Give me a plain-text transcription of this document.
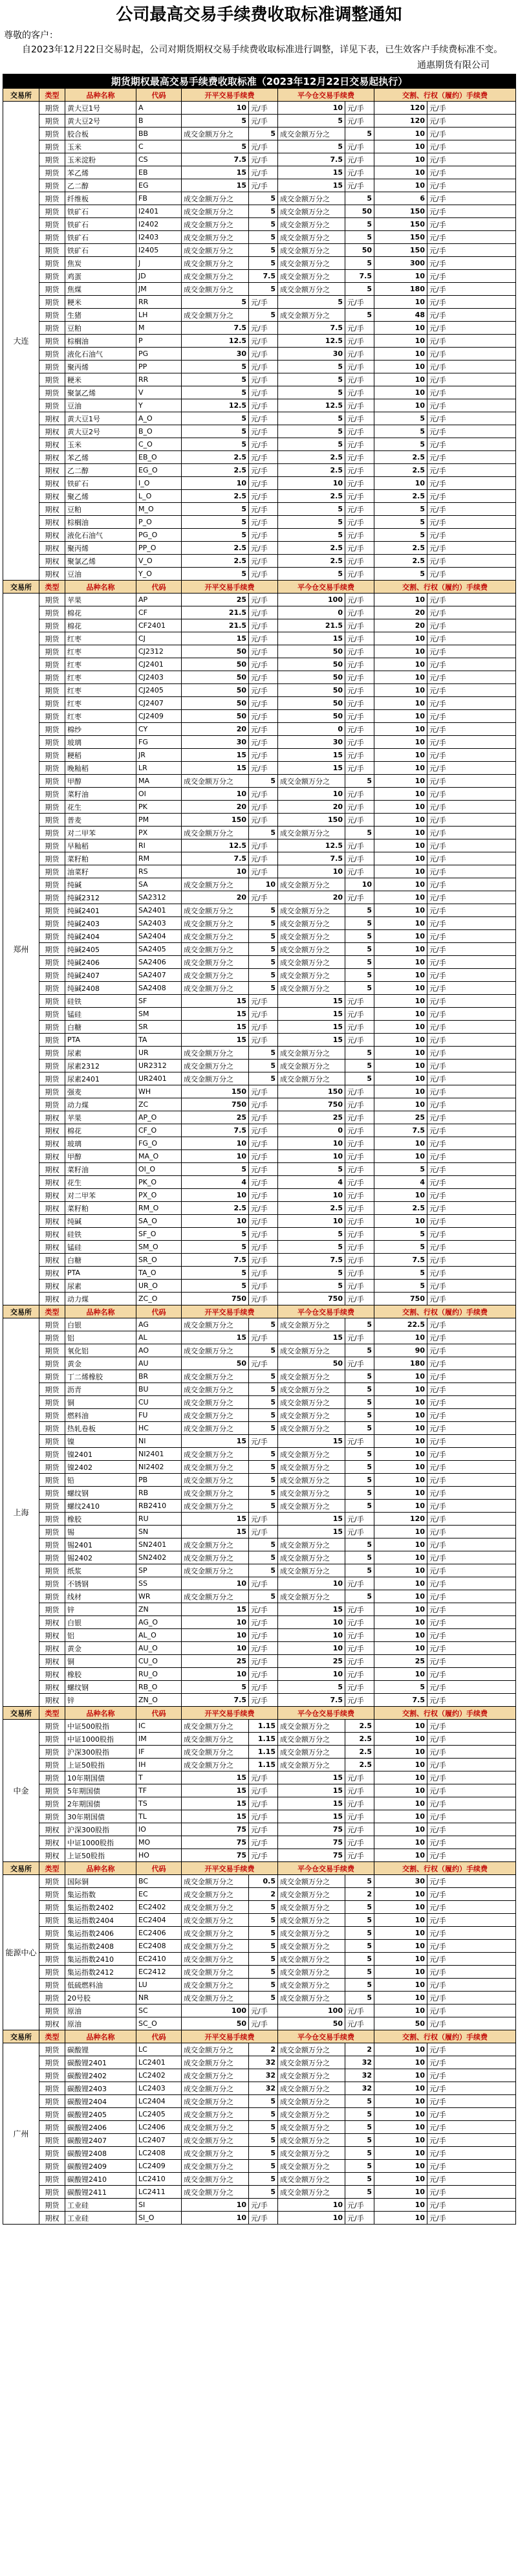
公司最高交易手续费收取标准调整通知
尊敬的客户：
自2023年12月22日交易时起，公司对期货期权交易手续费收取标准进行调整，详见下表，已生效客户手续费标准不变。
通惠期货有限公司
期货期权最高交易手续费收取标准（2023年12月22日交易起执行）									
交易所	类型	品种名称	代码	开平交易手续费		平今仓交易手续费		交割、行权（履约）手续费	
大连	期货	黄大豆1号	A	10	元/手	10	元/手	120	元/手
	期货	黄大豆2号	B	5	元/手	5	元/手	120	元/手
	期货	胶合板	BB	成交金额万分之	5	成交金额万分之	5	10	元/手
	期货	玉米	C	5	元/手	5	元/手	10	元/手
	期货	玉米淀粉	CS	7.5	元/手	7.5	元/手	10	元/手
	期货	苯乙烯	EB	15	元/手	15	元/手	10	元/手
	期货	乙二醇	EG	15	元/手	15	元/手	10	元/手
	期货	纤维板	FB	成交金额万分之	5	成交金额万分之	5	6	元/手
	期货	铁矿石	I2401	成交金额万分之	5	成交金额万分之	50	150	元/手
	期货	铁矿石	I2402	成交金额万分之	5	成交金额万分之	5	150	元/手
	期货	铁矿石	I2403	成交金额万分之	5	成交金额万分之	5	150	元/手
	期货	铁矿石	I2405	成交金额万分之	5	成交金额万分之	50	150	元/手
	期货	焦炭	J	成交金额万分之	5	成交金额万分之	5	300	元/手
	期货	鸡蛋	JD	成交金额万分之	7.5	成交金额万分之	7.5	10	元/手
	期货	焦煤	JM	成交金额万分之	5	成交金额万分之	5	180	元/手
	期货	粳米	RR	5	元/手	5	元/手	10	元/手
	期货	生猪	LH	成交金额万分之	5	成交金额万分之	5	48	元/手
	期货	豆粕	M	7.5	元/手	7.5	元/手	10	元/手
	期货	棕榈油	P	12.5	元/手	12.5	元/手	10	元/手
	期货	液化石油气	PG	30	元/手	30	元/手	10	元/手
	期货	聚丙烯	PP	5	元/手	5	元/手	10	元/手
	期货	粳米	RR	5	元/手	5	元/手	10	元/手
	期货	聚氯乙烯	V	5	元/手	5	元/手	10	元/手
	期货	豆油	Y	12.5	元/手	12.5	元/手	10	元/手
	期权	黄大豆1号	A_O	5	元/手	5	元/手	5	元/手
	期权	黄大豆2号	B_O	5	元/手	5	元/手	5	元/手
	期权	玉米	C_O	5	元/手	5	元/手	5	元/手
	期权	苯乙烯	EB_O	2.5	元/手	2.5	元/手	2.5	元/手
	期权	乙二醇	EG_O	2.5	元/手	2.5	元/手	2.5	元/手
	期权	铁矿石	I_O	10	元/手	10	元/手	10	元/手
	期权	聚乙烯	L_O	2.5	元/手	2.5	元/手	2.5	元/手
	期权	豆粕	M_O	5	元/手	5	元/手	5	元/手
	期权	棕榈油	P_O	5	元/手	5	元/手	5	元/手
	期权	液化石油气	PG_O	5	元/手	5	元/手	5	元/手
	期权	聚丙烯	PP_O	2.5	元/手	2.5	元/手	2.5	元/手
	期权	聚氯乙烯	V_O	2.5	元/手	2.5	元/手	2.5	元/手
	期权	豆油	Y_O	5	元/手	5	元/手	5	元/手
交易所	类型	品种名称	代码	开平交易手续费		平今仓交易手续费		交割、行权（履约）手续费	
郑州	期货	苹果	AP	25	元/手	100	元/手	10	元/手
	期货	棉花	CF	21.5	元/手	0	元/手	20	元/手
	期货	棉花	CF2401	21.5	元/手	21.5	元/手	20	元/手
	期货	红枣	CJ	15	元/手	15	元/手	10	元/手
	期货	红枣	CJ2312	50	元/手	50	元/手	10	元/手
	期货	红枣	CJ2401	50	元/手	50	元/手	10	元/手
	期货	红枣	CJ2403	50	元/手	50	元/手	10	元/手
	期货	红枣	CJ2405	50	元/手	50	元/手	10	元/手
	期货	红枣	CJ2407	50	元/手	50	元/手	10	元/手
	期货	红枣	CJ2409	50	元/手	50	元/手	10	元/手
	期货	棉纱	CY	20	元/手	0	元/手	10	元/手
	期货	玻璃	FG	30	元/手	30	元/手	10	元/手
	期货	粳稻	JR	15	元/手	15	元/手	10	元/手
	期货	晚籼稻	LR	15	元/手	15	元/手	10	元/手
	期货	甲醇	MA	成交金额万分之	5	成交金额万分之	5	10	元/手
	期货	菜籽油	OI	10	元/手	10	元/手	10	元/手
	期货	花生	PK	20	元/手	20	元/手	10	元/手
	期货	普麦	PM	150	元/手	150	元/手	10	元/手
	期货	对二甲苯	PX	成交金额万分之	5	成交金额万分之	5	10	元/手
	期货	早籼稻	RI	12.5	元/手	12.5	元/手	10	元/手
	期货	菜籽粕	RM	7.5	元/手	7.5	元/手	10	元/手
	期货	油菜籽	RS	10	元/手	10	元/手	10	元/手
	期货	纯碱	SA	成交金额万分之	10	成交金额万分之	10	10	元/手
	期货	纯碱2312	SA2312	20	元/手	20	元/手	10	元/手
	期货	纯碱2401	SA2401	成交金额万分之	5	成交金额万分之	5	10	元/手
	期货	纯碱2403	SA2403	成交金额万分之	5	成交金额万分之	5	10	元/手
	期货	纯碱2404	SA2404	成交金额万分之	5	成交金额万分之	5	10	元/手
	期货	纯碱2405	SA2405	成交金额万分之	5	成交金额万分之	5	10	元/手
	期货	纯碱2406	SA2406	成交金额万分之	5	成交金额万分之	5	10	元/手
	期货	纯碱2407	SA2407	成交金额万分之	5	成交金额万分之	5	10	元/手
	期货	纯碱2408	SA2408	成交金额万分之	5	成交金额万分之	5	10	元/手
	期货	硅铁	SF	15	元/手	15	元/手	10	元/手
	期货	锰硅	SM	15	元/手	15	元/手	10	元/手
	期货	白糖	SR	15	元/手	15	元/手	10	元/手
	期货	PTA	TA	15	元/手	15	元/手	10	元/手
	期货	尿素	UR	成交金额万分之	5	成交金额万分之	5	10	元/手
	期货	尿素2312	UR2312	成交金额万分之	5	成交金额万分之	5	10	元/手
	期货	尿素2401	UR2401	成交金额万分之	5	成交金额万分之	5	10	元/手
	期货	强麦	WH	150	元/手	150	元/手	10	元/手
	期货	动力煤	ZC	750	元/手	750	元/手	10	元/手
	期权	苹果	AP_O	25	元/手	25	元/手	25	元/手
	期权	棉花	CF_O	7.5	元/手	0	元/手	7.5	元/手
	期权	玻璃	FG_O	10	元/手	10	元/手	10	元/手
	期权	甲醇	MA_O	10	元/手	10	元/手	10	元/手
	期权	菜籽油	OI_O	5	元/手	5	元/手	5	元/手
	期权	花生	PK_O	4	元/手	4	元/手	4	元/手
	期权	对二甲苯	PX_O	10	元/手	10	元/手	10	元/手
	期权	菜籽粕	RM_O	2.5	元/手	2.5	元/手	2.5	元/手
	期权	纯碱	SA_O	10	元/手	10	元/手	10	元/手
	期权	硅铁	SF_O	5	元/手	5	元/手	5	元/手
	期权	锰硅	SM_O	5	元/手	5	元/手	5	元/手
	期权	白糖	SR_O	7.5	元/手	7.5	元/手	7.5	元/手
	期权	PTA	TA_O	5	元/手	5	元/手	5	元/手
	期权	尿素	UR_O	5	元/手	5	元/手	5	元/手
	期权	动力煤	ZC_O	750	元/手	750	元/手	750	元/手
交易所	类型	品种名称	代码	开平交易手续费		平今仓交易手续费		交割、行权（履约）手续费	
上海	期货	白银	AG	成交金额万分之	5	成交金额万分之	5	22.5	元/手
	期货	铝	AL	15	元/手	15	元/手	10	元/手
	期货	氧化铝	AO	成交金额万分之	5	成交金额万分之	5	90	元/手
	期货	黄金	AU	50	元/手	50	元/手	180	元/手
	期货	丁二烯橡胶	BR	成交金额万分之	5	成交金额万分之	5	10	元/手
	期货	沥青	BU	成交金额万分之	5	成交金额万分之	5	10	元/手
	期货	铜	CU	成交金额万分之	5	成交金额万分之	5	10	元/手
	期货	燃料油	FU	成交金额万分之	5	成交金额万分之	5	10	元/手
	期货	热轧卷板	HC	成交金额万分之	5	成交金额万分之	5	10	元/手
	期货	镍	NI	15	元/手	15	元/手	10	元/手
	期货	镍2401	NI2401	成交金额万分之	5	成交金额万分之	5	10	元/手
	期货	镍2402	NI2402	成交金额万分之	5	成交金额万分之	5	10	元/手
	期货	铅	PB	成交金额万分之	5	成交金额万分之	5	10	元/手
	期货	螺纹钢	RB	成交金额万分之	5	成交金额万分之	5	10	元/手
	期货	螺纹2410	RB2410	成交金额万分之	5	成交金额万分之	5	10	元/手
	期货	橡胶	RU	15	元/手	15	元/手	120	元/手
	期货	锡	SN	15	元/手	15	元/手	10	元/手
	期货	锡2401	SN2401	成交金额万分之	5	成交金额万分之	5	10	元/手
	期货	锡2402	SN2402	成交金额万分之	5	成交金额万分之	5	10	元/手
	期货	纸浆	SP	成交金额万分之	5	成交金额万分之	5	10	元/手
	期货	不锈钢	SS	10	元/手	10	元/手	10	元/手
	期货	线材	WR	成交金额万分之	5	成交金额万分之	5	10	元/手
	期货	锌	ZN	15	元/手	15	元/手	10	元/手
	期权	白银	AG_O	10	元/手	10	元/手	10	元/手
	期权	铝	AL_O	10	元/手	10	元/手	10	元/手
	期权	黄金	AU_O	10	元/手	10	元/手	10	元/手
	期权	铜	CU_O	25	元/手	25	元/手	25	元/手
	期权	橡胶	RU_O	10	元/手	10	元/手	10	元/手
	期权	螺纹钢	RB_O	5	元/手	5	元/手	5	元/手
	期权	锌	ZN_O	7.5	元/手	7.5	元/手	7.5	元/手
交易所	类型	品种名称	代码	开平交易手续费		平今仓交易手续费		交割、行权（履约）手续费	
中金	期货	中证500股指	IC	成交金额万分之	1.15	成交金额万分之	2.5	10	元/手
	期货	中证1000股指	IM	成交金额万分之	1.15	成交金额万分之	2.5	10	元/手
	期货	沪深300股指	IF	成交金额万分之	1.15	成交金额万分之	2.5	10	元/手
	期货	上证50股指	IH	成交金额万分之	1.15	成交金额万分之	2.5	10	元/手
	期货	10年期国债	T	15	元/手	15	元/手	10	元/手
	期货	5年期国债	TF	15	元/手	15	元/手	10	元/手
	期货	2年期国债	TS	15	元/手	15	元/手	10	元/手
	期货	30年期国债	TL	15	元/手	15	元/手	10	元/手
	期权	沪深300股指	IO	75	元/手	75	元/手	10	元/手
	期权	中证1000股指	MO	75	元/手	75	元/手	10	元/手
	期权	上证50股指	HO	75	元/手	75	元/手	10	元/手
交易所	类型	品种名称	代码	开平交易手续费		平今仓交易手续费		交割、行权（履约）手续费	
能源中心	期货	国际铜	BC	成交金额万分之	0.5	成交金额万分之	5	30	元/手
	期货	集运指数	EC	成交金额万分之	2	成交金额万分之	2	10	元/手
	期货	集运指数2402	EC2402	成交金额万分之	5	成交金额万分之	5	10	元/手
	期货	集运指数2404	EC2404	成交金额万分之	5	成交金额万分之	5	10	元/手
	期货	集运指数2406	EC2406	成交金额万分之	5	成交金额万分之	5	10	元/手
	期货	集运指数2408	EC2408	成交金额万分之	5	成交金额万分之	5	10	元/手
	期货	集运指数2410	EC2410	成交金额万分之	5	成交金额万分之	5	10	元/手
	期货	集运指数2412	EC2412	成交金额万分之	5	成交金额万分之	5	10	元/手
	期货	低硫燃料油	LU	成交金额万分之	5	成交金额万分之	5	10	元/手
	期货	20号胶	NR	成交金额万分之	5	成交金额万分之	5	10	元/手
	期货	原油	SC	100	元/手	100	元/手	10	元/手
	期权	原油	SC_O	50	元/手	50	元/手	50	元/手
交易所	类型	品种名称	代码	开平交易手续费		平今仓交易手续费		交割、行权（履约）手续费	
广州	期货	碳酸锂	LC	成交金额万分之	2	成交金额万分之	2	10	元/手
	期货	碳酸锂2401	LC2401	成交金额万分之	32	成交金额万分之	32	10	元/手
	期货	碳酸锂2402	LC2402	成交金额万分之	32	成交金额万分之	32	10	元/手
	期货	碳酸锂2403	LC2403	成交金额万分之	32	成交金额万分之	32	10	元/手
	期货	碳酸锂2404	LC2404	成交金额万分之	5	成交金额万分之	5	10	元/手
	期货	碳酸锂2405	LC2405	成交金额万分之	5	成交金额万分之	5	10	元/手
	期货	碳酸锂2406	LC2406	成交金额万分之	5	成交金额万分之	5	10	元/手
	期货	碳酸锂2407	LC2407	成交金额万分之	5	成交金额万分之	5	10	元/手
	期货	碳酸锂2408	LC2408	成交金额万分之	5	成交金额万分之	5	10	元/手
	期货	碳酸锂2409	LC2409	成交金额万分之	5	成交金额万分之	5	10	元/手
	期货	碳酸锂2410	LC2410	成交金额万分之	5	成交金额万分之	5	10	元/手
	期货	碳酸锂2411	LC2411	成交金额万分之	5	成交金额万分之	5	10	元/手
	期货	工业硅	SI	10	元/手	10	元/手	10	元/手
	期权	工业硅	SI_O	10	元/手	10	元/手	10	元/手
